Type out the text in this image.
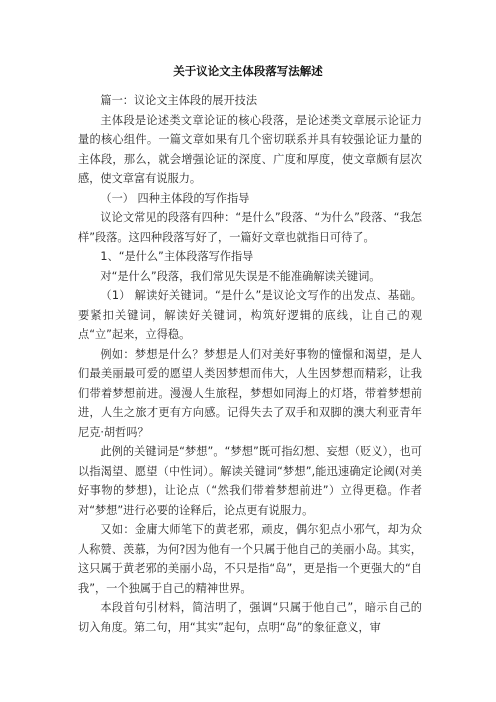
关于议论文主体段落写法解述

篇一：议论文主体段的展开技法

主体段是论述类文章论证的核心段落，是论述类文章展示论证力量的核心组件。一篇文章如果有几个密切联系并具有较强论证力量的主体段，那么，就会增强论证的深度、广度和厚度，使文章颇有层次感，使文章富有说服力。

（一） 四种主体段的写作指导

议论文常见的段落有四种：“是什么”段落、“为什么”段落、“我怎样”段落。这四种段落写好了，一篇好文章也就指日可待了。

1、“是什么”主体段落写作指导

对“是什么”段落，我们常见失误是不能准确解读关键词。

（1） 解读好关键词。“是什么”是议论文写作的出发点、基础。要紧扣关键词，解读好关键词，构筑好逻辑的底线，让自己的观点“立”起来，立得稳。

例如：梦想是什么？梦想是人们对美好事物的憧憬和渴望，是人们最美丽最可爱的愿望人类因梦想而伟大，人生因梦想而精彩，让我们带着梦想前进。漫漫人生旅程，梦想如同海上的灯塔，带着梦想前进，人生之旅才更有方向感。记得失去了双手和双脚的澳大利亚青年尼克·胡哲吗？

此例的关键词是“梦想”。“梦想”既可指幻想、妄想（贬义），也可以指渴望、愿望（中性词）。解读关键词“梦想”,能迅速确定论阈(对美好事物的梦想)，让论点（“然我们带着梦想前进”）立得更稳。作者对“梦想”进行必要的诠释后，论点更有说服力。

又如：金庸大师笔下的黄老邪，顽皮，偶尔犯点小邪气，却为众人称赞、羡慕，为何?因为他有一个只属于他自己的美丽小岛。其实，这只属于黄老邪的美丽小岛，不只是指“岛”，更是指一个更强大的“自我”，一个独属于自己的精神世界。

本段首句引材料，简洁明了，强调“只属于他自己”，暗示自己的切入角度。第二句，用“其实”起句，点明“岛”的象征意义，审
